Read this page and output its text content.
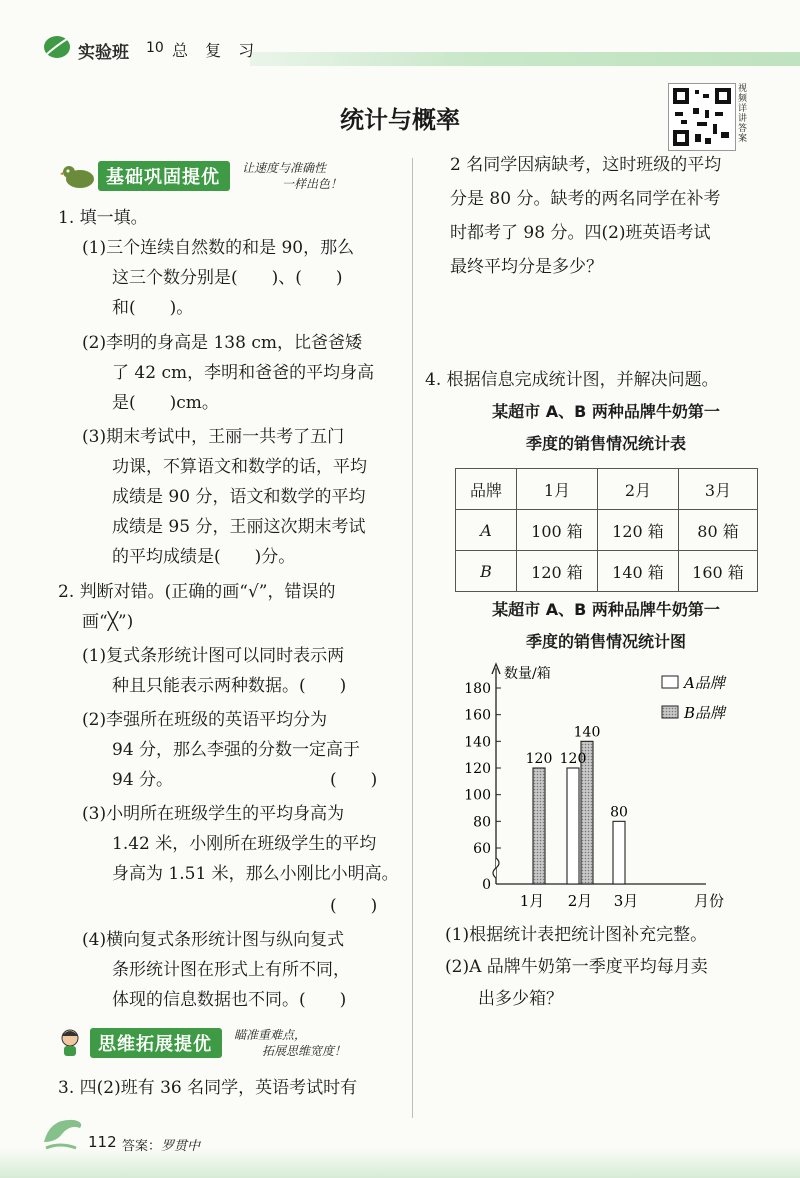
实验班 10 总 复 习
统计与概率
视频详讲答案
基础巩固提优	让速度与准确性
一样出色！
1. 填一填。
(1)三个连续自然数的和是 90，那么
这三个数分别是(　　)、(　　)
和(　　)。
(2)李明的身高是 138 cm，比爸爸矮
了 42 cm，李明和爸爸的平均身高
是(　　)cm。
(3)期末考试中，王丽一共考了五门
功课，不算语文和数学的话，平均
成绩是 90 分，语文和数学的平均
成绩是 95 分，王丽这次期末考试
的平均成绩是(　　)分。
2. 判断对错。(正确的画“√”，错误的
画“╳”)
(1)复式条形统计图可以同时表示两
种且只能表示两种数据。(　　)
(2)李强所在班级的英语平均分为
94 分，那么李强的分数一定高于
94 分。	(　　)
(3)小明所在班级学生的平均身高为
1.42 米，小刚所在班级学生的平均
身高为 1.51 米，那么小刚比小明高。
(　　)
(4)横向复式条形统计图与纵向复式
条形统计图在形式上有所不同，
体现的信息数据也不同。(　　)
思维拓展提优	瞄准重难点，
拓展思维宽度！
3. 四(2)班有 36 名同学，英语考试时有
2 名同学因病缺考，这时班级的平均
分是 80 分。缺考的两名同学在补考
时都考了 98 分。四(2)班英语考试
最终平均分是多少？
4. 根据信息完成统计图，并解决问题。
某超市 A、B 两种品牌牛奶第一
季度的销售情况统计表
品牌	1月	2月	3月
A	100 箱	120 箱	80 箱
B	120 箱	140 箱	160 箱
某超市 A、B 两种品牌牛奶第一
季度的销售情况统计图
数量/箱
0
60
80
100
120
140
160
180
1月 2月 3月	月份
120 120
140
80
A品牌
B品牌
(1)根据统计表把统计图补充完整。
(2)A 品牌牛奶第一季度平均每月卖
出多少箱？
112 答案：罗贯中
